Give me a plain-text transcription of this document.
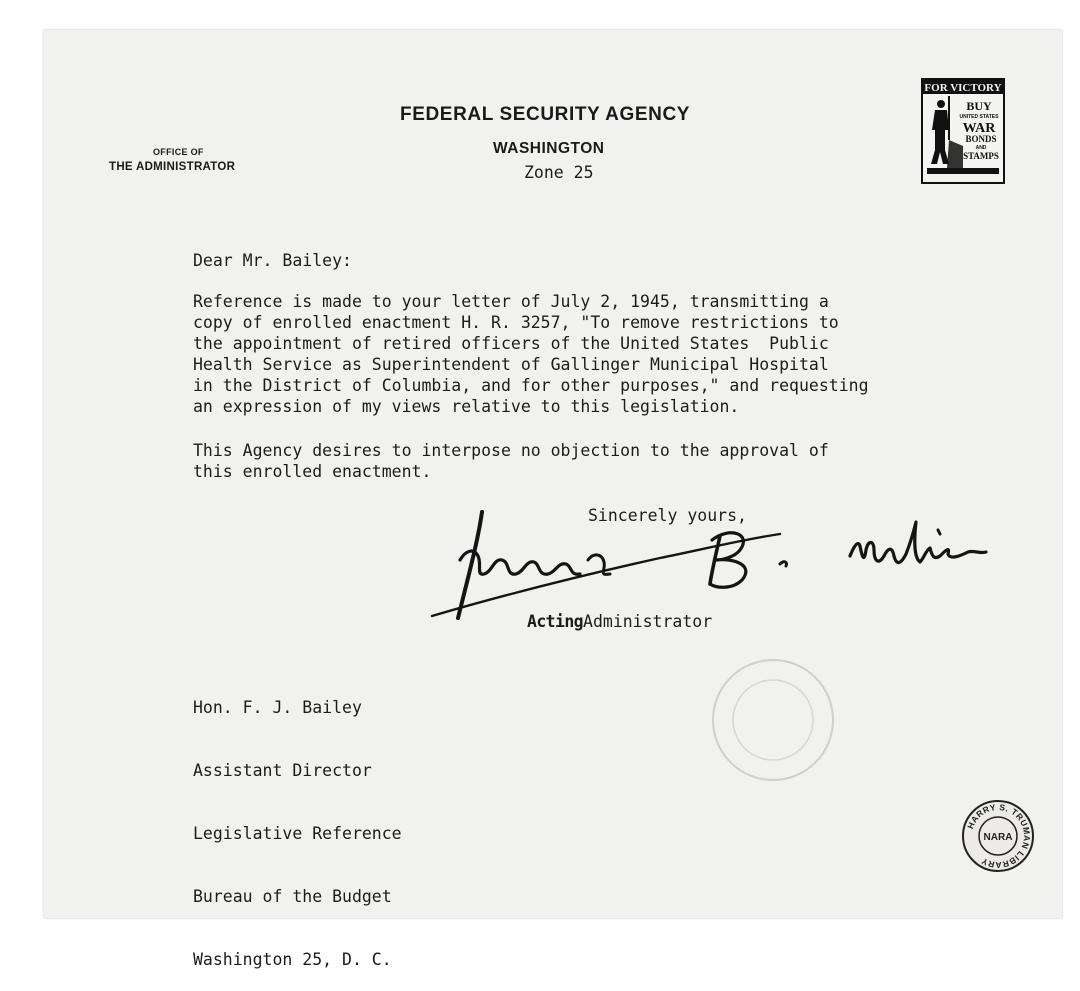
FEDERAL SECURITY AGENCY
WASHINGTON
Zone 25
OFFICE OF
THE ADMINISTRATOR
FOR VICTORY
BUY
UNITED STATES
WAR
BONDS
AND
STAMPS
Dear Mr. Bailey:
Reference is made to your letter of July 2, 1945, transmitting a
copy of enrolled enactment H. R. 3257, "To remove restrictions to
the appointment of retired officers of the United States  Public
Health Service as Superintendent of Gallinger Municipal Hospital
in the District of Columbia, and for other purposes," and requesting
an expression of my views relative to this legislation.
This Agency desires to interpose no objection to the approval of
this enrolled enactment.
Sincerely yours,
ActingAdministrator

Hon. F. J. Bailey

Assistant Director

Legislative Reference

Bureau of the Budget

Washington 25, D. C.

HARRY S. TRUMAN LIBRARY
NARA
